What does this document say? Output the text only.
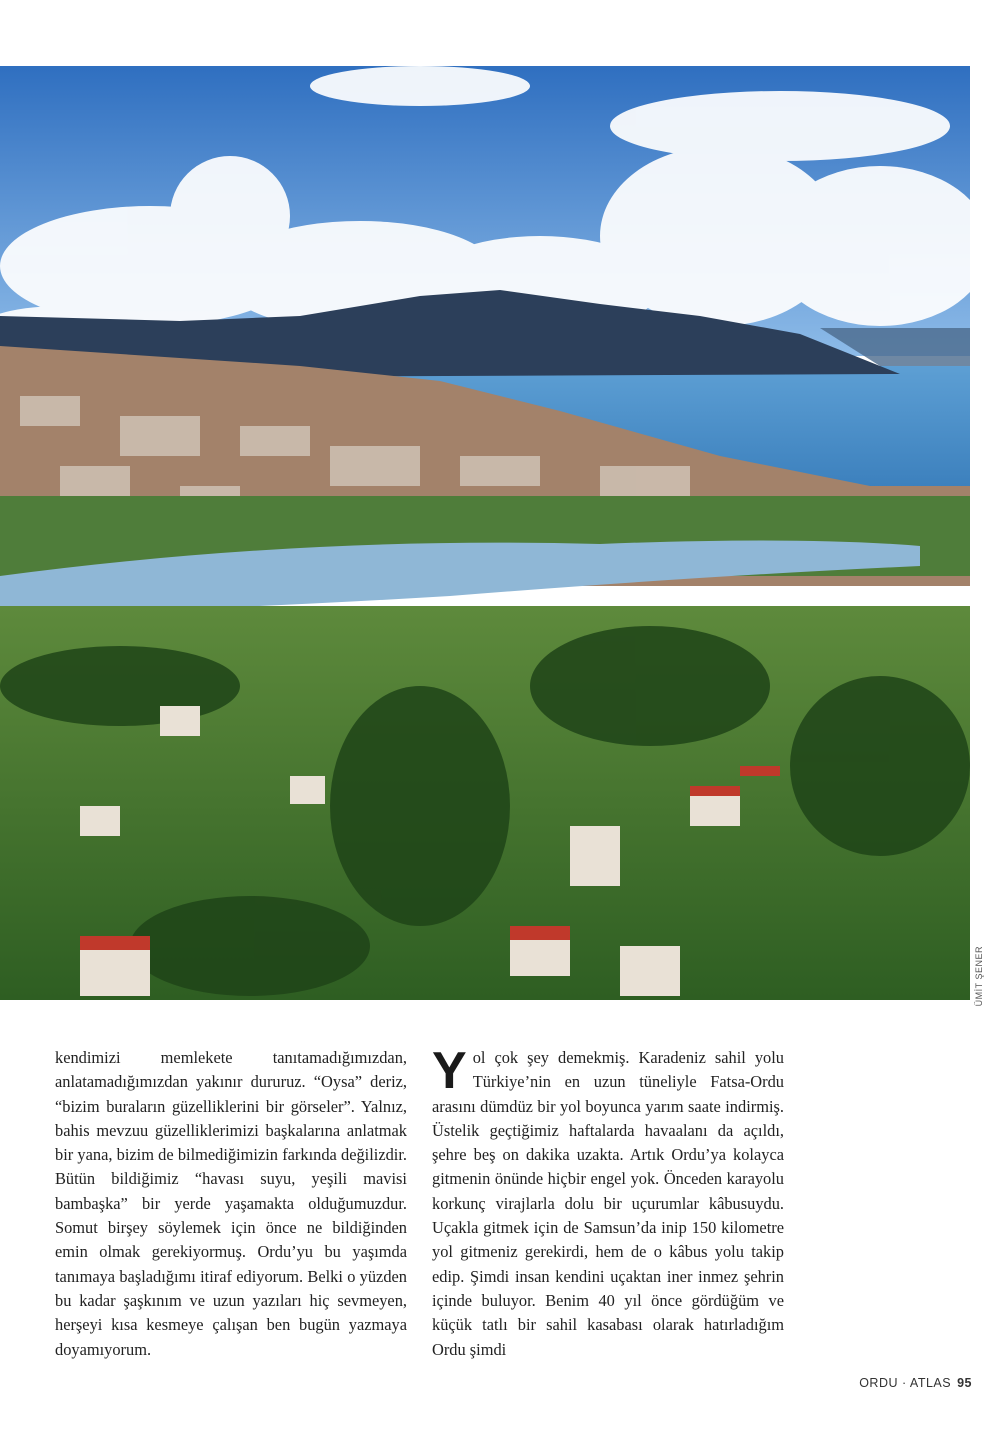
ÜMİT ŞENER

kendimizi memlekete tanıtamadığımızdan, anlatamadığımızdan yakınır dururuz. “Oysa” deriz, “bizim buraların güzelliklerini bir görseler”. Yalnız, bahis mevzuu güzelliklerimizi başkalarına anlatmak bir yana, bizim de bilmediğimizin farkında değilizdir. Bütün bildiğimiz “havası suyu, yeşili mavisi bambaşka” bir yerde yaşamakta olduğumuzdur. Somut birşey söylemek için önce ne bildiğinden emin olmak gerekiyormuş. Ordu’yu bu yaşımda tanımaya başladığımı itiraf ediyorum. Belki o yüzden bu kadar şaşkınım ve uzun yazıları hiç sevmeyen, herşeyi kısa kesmeye çalışan ben bugün yazmaya doyamıyorum.

Y ol çok şey demekmiş. Karadeniz sahil yolu Türkiye’nin en uzun tüneliyle Fatsa-Ordu arasını dümdüz bir yol boyunca yarım saate indirmiş. Üstelik geçtiğimiz haftalarda havaalanı da açıldı, şehre beş on dakika uzakta. Artık Ordu’ya kolayca gitmenin önünde hiçbir engel yok. Önceden karayolu korkunç virajlarla dolu bir uçurumlar kâbusuydu. Uçakla gitmek için de Samsun’da inip 150 kilometre yol gitmeniz gerekirdi, hem de o kâbus yolu takip edip. Şimdi insan kendini uçaktan iner inmez şehrin içinde buluyor. Benim 40 yıl önce gördüğüm ve küçük tatlı bir sahil kasabası olarak hatırladığım Ordu şimdi

ORDU · ATLAS 95
